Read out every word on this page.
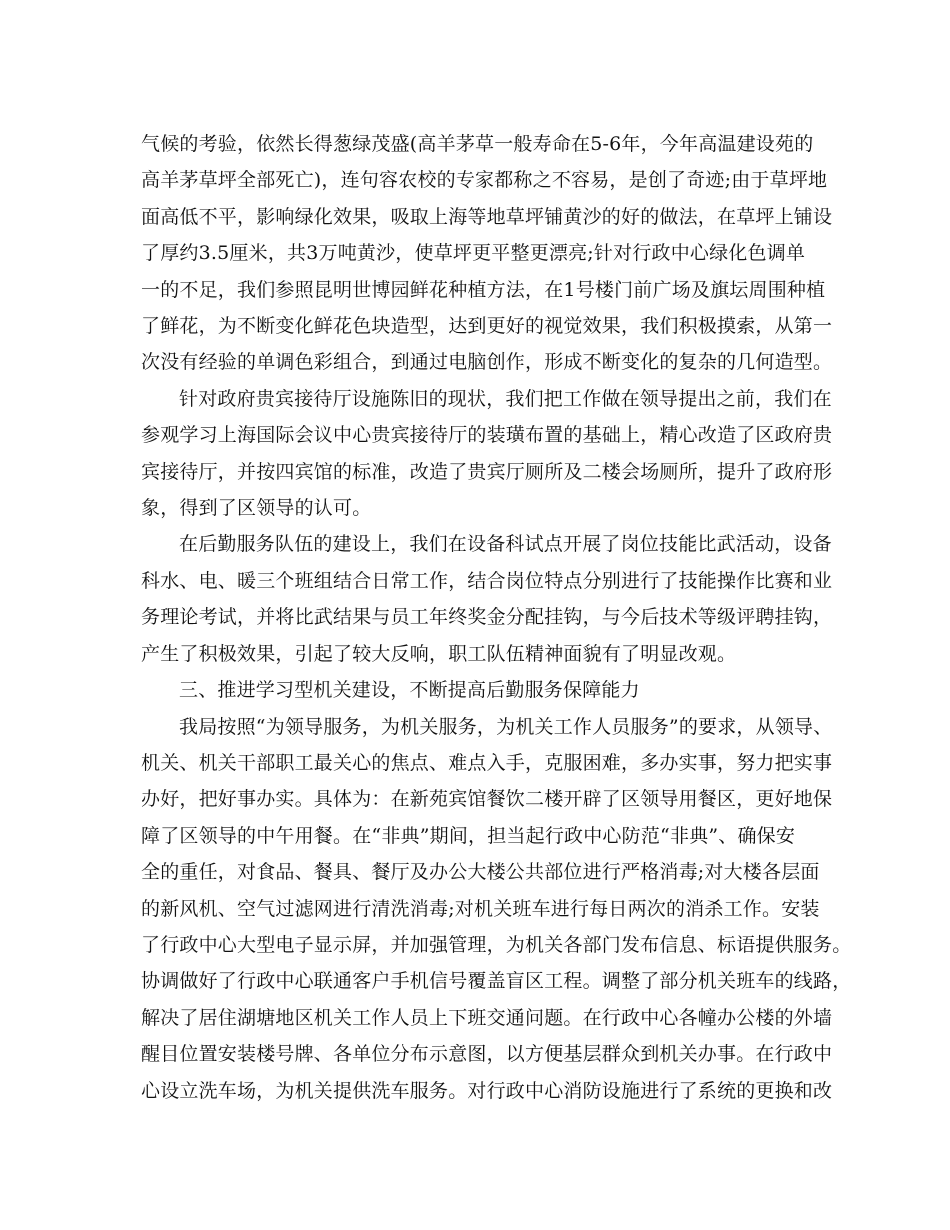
气候的考验，依然长得葱绿茂盛(高羊茅草一般寿命在5-6年，今年高温建设苑的
高羊茅草坪全部死亡)，连句容农校的专家都称之不容易，是创了奇迹;由于草坪地
面高低不平，影响绿化效果，吸取上海等地草坪铺黄沙的好的做法，在草坪上铺设
了厚约3.5厘米，共3万吨黄沙，使草坪更平整更漂亮;针对行政中心绿化色调单
一的不足，我们参照昆明世博园鲜花种植方法，在1号楼门前广场及旗坛周围种植
了鲜花，为不断变化鲜花色块造型，达到更好的视觉效果，我们积极摸索，从第一
次没有经验的单调色彩组合，到通过电脑创作，形成不断变化的复杂的几何造型。
针对政府贵宾接待厅设施陈旧的现状，我们把工作做在领导提出之前，我们在
参观学习上海国际会议中心贵宾接待厅的装璜布置的基础上，精心改造了区政府贵
宾接待厅，并按四宾馆的标准，改造了贵宾厅厕所及二楼会场厕所，提升了政府形
象，得到了区领导的认可。
在后勤服务队伍的建设上，我们在设备科试点开展了岗位技能比武活动，设备
科水、电、暖三个班组结合日常工作，结合岗位特点分别进行了技能操作比赛和业
务理论考试，并将比武结果与员工年终奖金分配挂钩，与今后技术等级评聘挂钩，
产生了积极效果，引起了较大反响，职工队伍精神面貌有了明显改观。
三、推进学习型机关建设，不断提高后勤服务保障能力
我局按照“为领导服务，为机关服务，为机关工作人员服务”的要求，从领导、
机关、机关干部职工最关心的焦点、难点入手，克服困难，多办实事，努力把实事
办好，把好事办实。具体为：在新苑宾馆餐饮二楼开辟了区领导用餐区，更好地保
障了区领导的中午用餐。在“非典”期间，担当起行政中心防范“非典”、确保安
全的重任，对食品、餐具、餐厅及办公大楼公共部位进行严格消毒;对大楼各层面
的新风机、空气过滤网进行清洗消毒;对机关班车进行每日两次的消杀工作。安装
了行政中心大型电子显示屏，并加强管理，为机关各部门发布信息、标语提供服务。
协调做好了行政中心联通客户手机信号覆盖盲区工程。调整了部分机关班车的线路，
解决了居住湖塘地区机关工作人员上下班交通问题。在行政中心各幢办公楼的外墙
醒目位置安装楼号牌、各单位分布示意图，以方便基层群众到机关办事。在行政中
心设立洗车场，为机关提供洗车服务。对行政中心消防设施进行了系统的更换和改
